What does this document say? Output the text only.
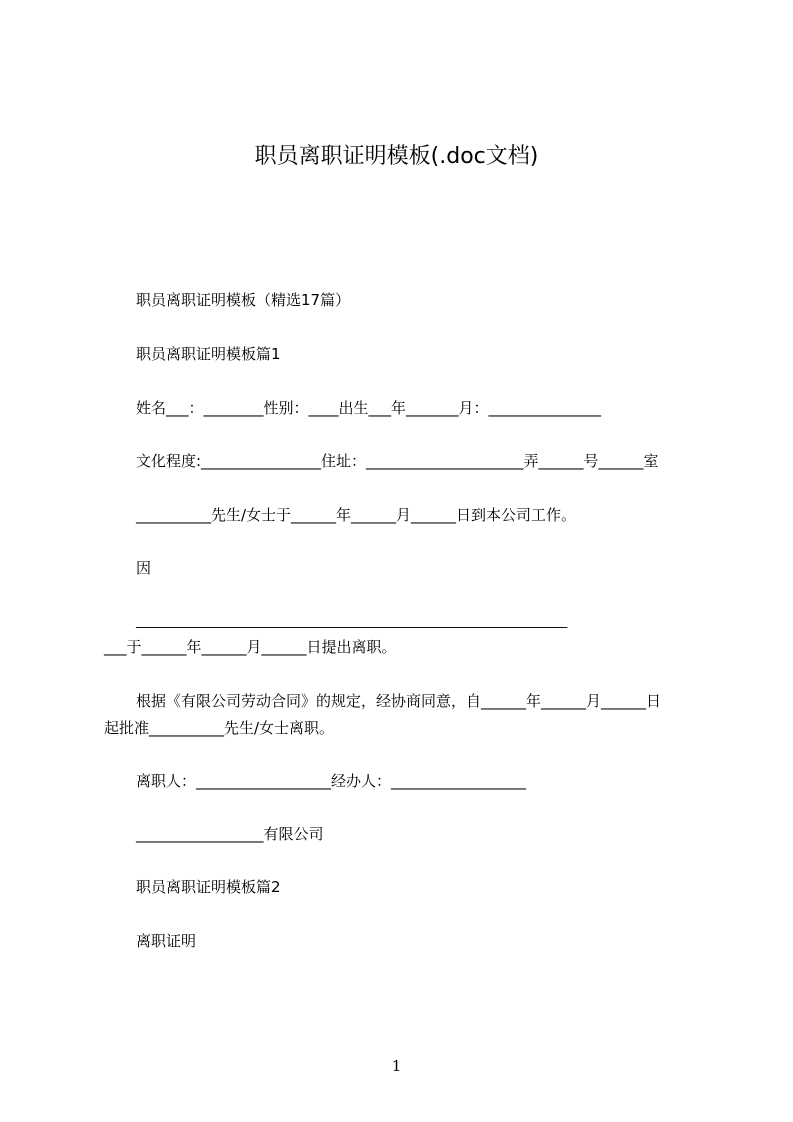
职员离职证明模板(.doc文档)
职员离职证明模板（精选17篇）
职员离职证明模板篇1
姓名___：________性别：____出生___年_______月：_______________
文化程度:________________住址：_____________________弄______号______室
__________先生/女士于______年______月______日到本公司工作。
因
_________________________________________________________________________
___于______年______月______日提出离职。
根据《有限公司劳动合同》的规定，经协商同意，自______年______月______日
起批准__________先生/女士离职。
离职人：__________________经办人：__________________
_________________有限公司
职员离职证明模板篇2
离职证明
1
